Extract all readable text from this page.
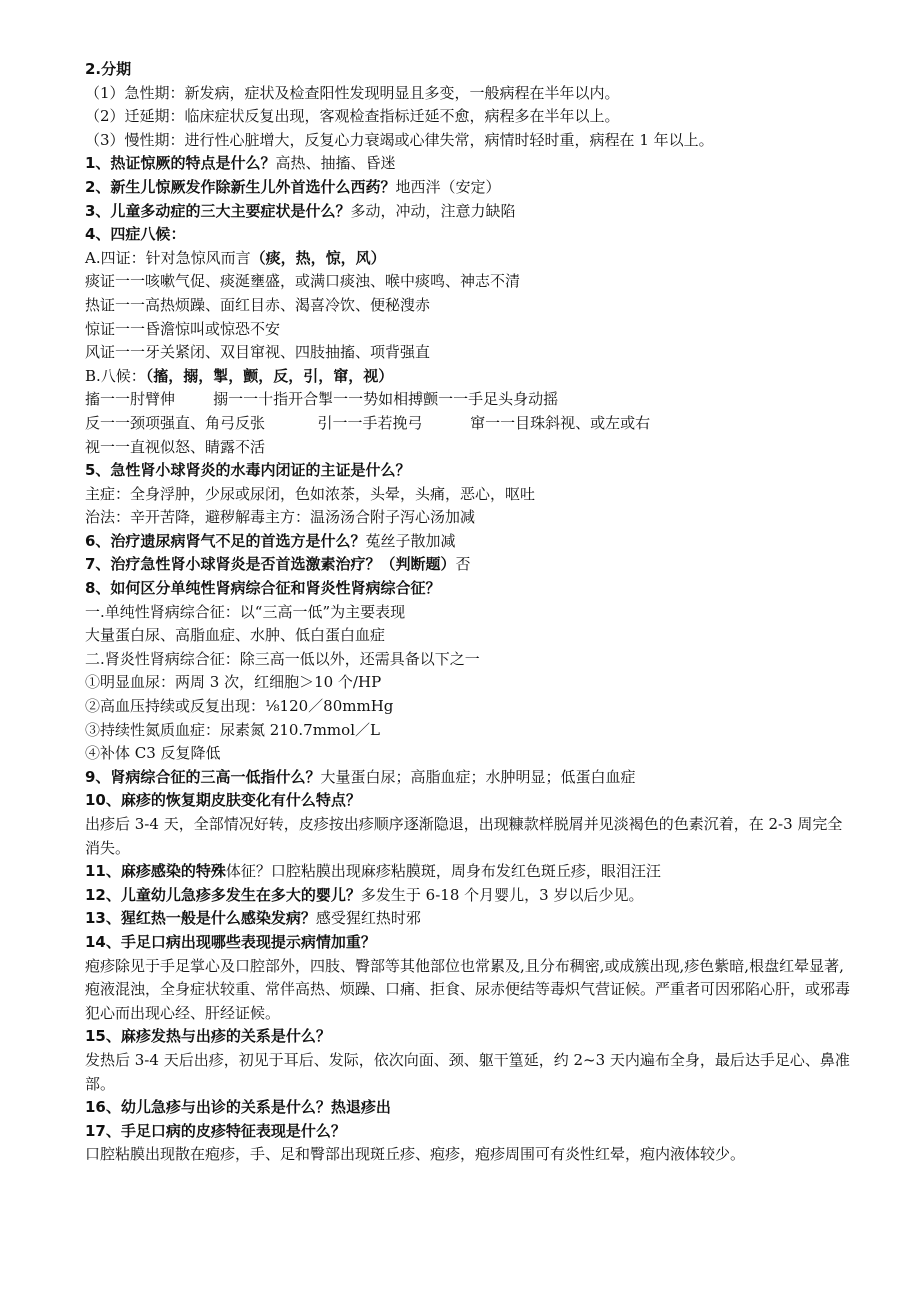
2.分期
（1）急性期：新发病，症状及检查阳性发现明显且多变，一般病程在半年以内。
（2）迁延期：临床症状反复出现，客观检查指标迁延不愈，病程多在半年以上。
（3）慢性期：进行性心脏增大，反复心力衰竭或心律失常，病情时轻时重，病程在 1 年以上。
1、热证惊厥的特点是什么？高热、抽搐、昏迷
2、新生儿惊厥发作除新生儿外首选什么西药？地西泮（安定）
3、儿童多动症的三大主要症状是什么？多动，冲动，注意力缺陷
4、四症八候：
A.四证：针对急惊风而言（痰，热，惊，风）
痰证一一咳嗽气促、痰涎壅盛，或满口痰浊、喉中痰鸣、神志不清
热证一一高热烦躁、面红目赤、渴喜冷饮、便秘溲赤
惊证一一昏澹惊叫或惊恐不安
风证一一牙关紧闭、双目窜视、四肢抽搐、项背强直
B.八候：（搐，搦，掣，颤，反，引，窜，视）
搐一一肘臂伸        搦一一十指开合掣一一势如相搏颤一一手足头身动摇
反一一颈项强直、角弓反张           引一一手若挽弓          窜一一目珠斜视、或左或右
视一一直视似怒、睛露不活
5、急性肾小球肾炎的水毒内闭证的主证是什么？
主症：全身浮肿，少尿或尿闭，色如浓茶，头晕，头痛，恶心，呕吐
治法：辛开苦降，避秽解毒主方：温汤汤合附子泻心汤加减
6、治疗遗尿病肾气不足的首选方是什么？菟丝子散加减
7、治疗急性肾小球肾炎是否首选激素治疗？（判断题）否
8、如何区分单纯性肾病综合征和肾炎性肾病综合征？
一.单纯性肾病综合征：以“三高一低”为主要表现
大量蛋白尿、高脂血症、水肿、低白蛋白血症
二.肾炎性肾病综合征：除三高一低以外，还需具备以下之一
①明显血尿：两周 3 次，红细胞＞10 个/HP
②高血压持续或反复出现：⅛120／80mmHg
③持续性氮质血症：尿素氮 210.7mmol／L
④补体 C3 反复降低
9、肾病综合征的三高一低指什么？大量蛋白尿；高脂血症；水肿明显；低蛋白血症
10、麻疹的恢复期皮肤变化有什么特点？
出疹后 3-4 天，全部情况好转，皮疹按出疹顺序逐渐隐退，出现糠款样脱屑并见淡褐色的色素沉着，在 2-3 周完全消失。
11、麻疹感染的特殊体征？口腔粘膜出现麻疹粘膜斑，周身布发红色斑丘疹，眼泪汪汪
12、儿童幼儿急疹多发生在多大的婴儿？多发生于 6-18 个月婴儿，3 岁以后少见。
13、猩红热一般是什么感染发病？感受猩红热时邪
14、手足口病出现哪些表现提示病情加重？
疱疹除见于手足掌心及口腔部外，四肢、臀部等其他部位也常累及,且分布稠密,或成簇出现,疹色紫暗,根盘红晕显著,疱液混浊，全身症状较重、常伴高热、烦躁、口痛、拒食、尿赤便结等毒炽气营证候。严重者可因邪陷心肝，或邪毒犯心而出现心经、肝经证候。
15、麻疹发热与出疹的关系是什么？
发热后 3-4 天后出疹，初见于耳后、发际，依次向面、颈、躯干篁延，约 2~3 天内遍布全身，最后达手足心、鼻准部。
16、幼儿急疹与出诊的关系是什么？热退疹出
17、手足口病的皮疹特征表现是什么？
口腔粘膜出现散在疱疹，手、足和臀部出现斑丘疹、疱疹，疱疹周围可有炎性红晕，疱内液体较少。
